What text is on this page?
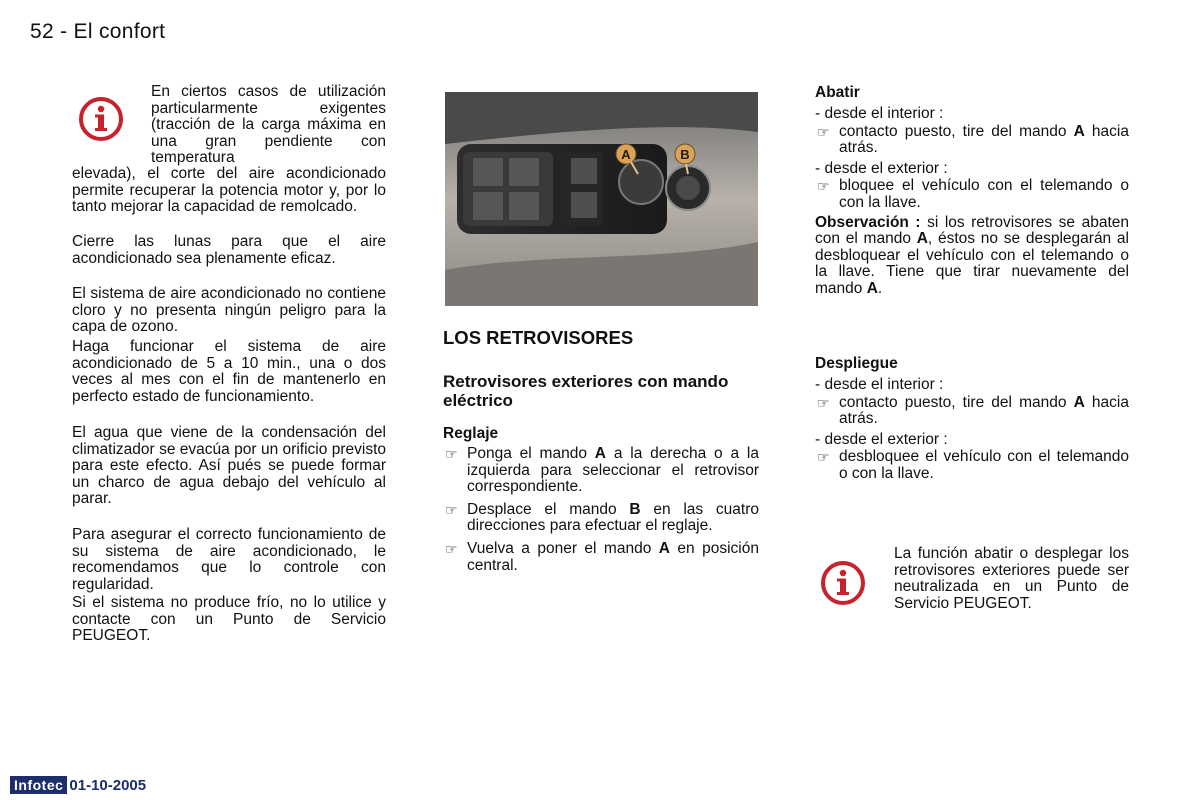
52 - El confort

En ciertos casos de utilización particularmente exigentes (tracción de la carga máxima en una gran pendiente con temperatura

elevada), el corte del aire acondicionado permite recuperar la potencia motor y, por lo tanto mejorar la capacidad de remolcado.

Cierre las lunas para que el aire acondicionado sea plenamente eficaz.

El sistema de aire acondicionado no contiene cloro y no presenta ningún peligro para la capa de ozono.

Haga funcionar el sistema de aire acondicionado de 5 a 10 min., una o dos veces al mes con el fin de mantenerlo en perfecto estado de funcionamiento.

El agua que viene de la condensación del climatizador se evacúa por un orificio previsto para este efecto. Así pués se puede formar un charco de agua debajo del vehículo al parar.

Para asegurar el correcto funcionamiento de su sistema de aire acondicionado, le recomendamos que lo controle con regularidad.

Si el sistema no produce frío, no lo utilice y contacte con un Punto de Servicio PEUGEOT.

A	B
LOS RETROVISORES
Retrovisores exteriores con mando eléctrico
Reglaje

☞ Ponga el mando A a la derecha o a la izquierda para seleccionar el retrovisor correspondiente.

☞ Desplace el mando B en las cuatro direcciones para efectuar el reglaje.

☞ Vuelva a poner el mando A en posición central.

Abatir

- desde el interior :

☞ contacto puesto, tire del mando A hacia atrás.

- desde el exterior :

☞ bloquee el vehículo con el telemando o con la llave.

Observación : si los retrovisores se abaten con el mando A, éstos no se desplegarán al desbloquear el vehículo con el telemando o la llave. Tiene que tirar nuevamente del mando A.

Despliegue

- desde el interior :

☞ contacto puesto, tire del mando A hacia atrás.

- desde el exterior :

☞ desbloquee el vehículo con el telemando o con la llave.

La función abatir o desplegar los retrovisores exteriores puede ser neutralizada en un Punto de Servicio PEUGEOT.

Infotec 01-10-2005
